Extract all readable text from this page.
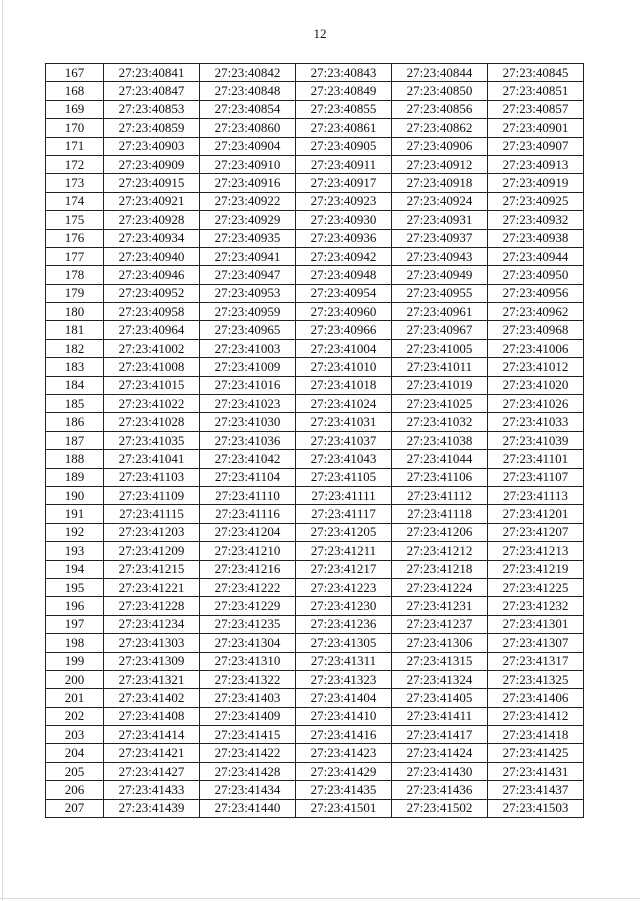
12
167	27:23:40841	27:23:40842	27:23:40843	27:23:40844	27:23:40845
168	27:23:40847	27:23:40848	27:23:40849	27:23:40850	27:23:40851
169	27:23:40853	27:23:40854	27:23:40855	27:23:40856	27:23:40857
170	27:23:40859	27:23:40860	27:23:40861	27:23:40862	27:23:40901
171	27:23:40903	27:23:40904	27:23:40905	27:23:40906	27:23:40907
172	27:23:40909	27:23:40910	27:23:40911	27:23:40912	27:23:40913
173	27:23:40915	27:23:40916	27:23:40917	27:23:40918	27:23:40919
174	27:23:40921	27:23:40922	27:23:40923	27:23:40924	27:23:40925
175	27:23:40928	27:23:40929	27:23:40930	27:23:40931	27:23:40932
176	27:23:40934	27:23:40935	27:23:40936	27:23:40937	27:23:40938
177	27:23:40940	27:23:40941	27:23:40942	27:23:40943	27:23:40944
178	27:23:40946	27:23:40947	27:23:40948	27:23:40949	27:23:40950
179	27:23:40952	27:23:40953	27:23:40954	27:23:40955	27:23:40956
180	27:23:40958	27:23:40959	27:23:40960	27:23:40961	27:23:40962
181	27:23:40964	27:23:40965	27:23:40966	27:23:40967	27:23:40968
182	27:23:41002	27:23:41003	27:23:41004	27:23:41005	27:23:41006
183	27:23:41008	27:23:41009	27:23:41010	27:23:41011	27:23:41012
184	27:23:41015	27:23:41016	27:23:41018	27:23:41019	27:23:41020
185	27:23:41022	27:23:41023	27:23:41024	27:23:41025	27:23:41026
186	27:23:41028	27:23:41030	27:23:41031	27:23:41032	27:23:41033
187	27:23:41035	27:23:41036	27:23:41037	27:23:41038	27:23:41039
188	27:23:41041	27:23:41042	27:23:41043	27:23:41044	27:23:41101
189	27:23:41103	27:23:41104	27:23:41105	27:23:41106	27:23:41107
190	27:23:41109	27:23:41110	27:23:41111	27:23:41112	27:23:41113
191	27:23:41115	27:23:41116	27:23:41117	27:23:41118	27:23:41201
192	27:23:41203	27:23:41204	27:23:41205	27:23:41206	27:23:41207
193	27:23:41209	27:23:41210	27:23:41211	27:23:41212	27:23:41213
194	27:23:41215	27:23:41216	27:23:41217	27:23:41218	27:23:41219
195	27:23:41221	27:23:41222	27:23:41223	27:23:41224	27:23:41225
196	27:23:41228	27:23:41229	27:23:41230	27:23:41231	27:23:41232
197	27:23:41234	27:23:41235	27:23:41236	27:23:41237	27:23:41301
198	27:23:41303	27:23:41304	27:23:41305	27:23:41306	27:23:41307
199	27:23:41309	27:23:41310	27:23:41311	27:23:41315	27:23:41317
200	27:23:41321	27:23:41322	27:23:41323	27:23:41324	27:23:41325
201	27:23:41402	27:23:41403	27:23:41404	27:23:41405	27:23:41406
202	27:23:41408	27:23:41409	27:23:41410	27:23:41411	27:23:41412
203	27:23:41414	27:23:41415	27:23:41416	27:23:41417	27:23:41418
204	27:23:41421	27:23:41422	27:23:41423	27:23:41424	27:23:41425
205	27:23:41427	27:23:41428	27:23:41429	27:23:41430	27:23:41431
206	27:23:41433	27:23:41434	27:23:41435	27:23:41436	27:23:41437
207	27:23:41439	27:23:41440	27:23:41501	27:23:41502	27:23:41503
